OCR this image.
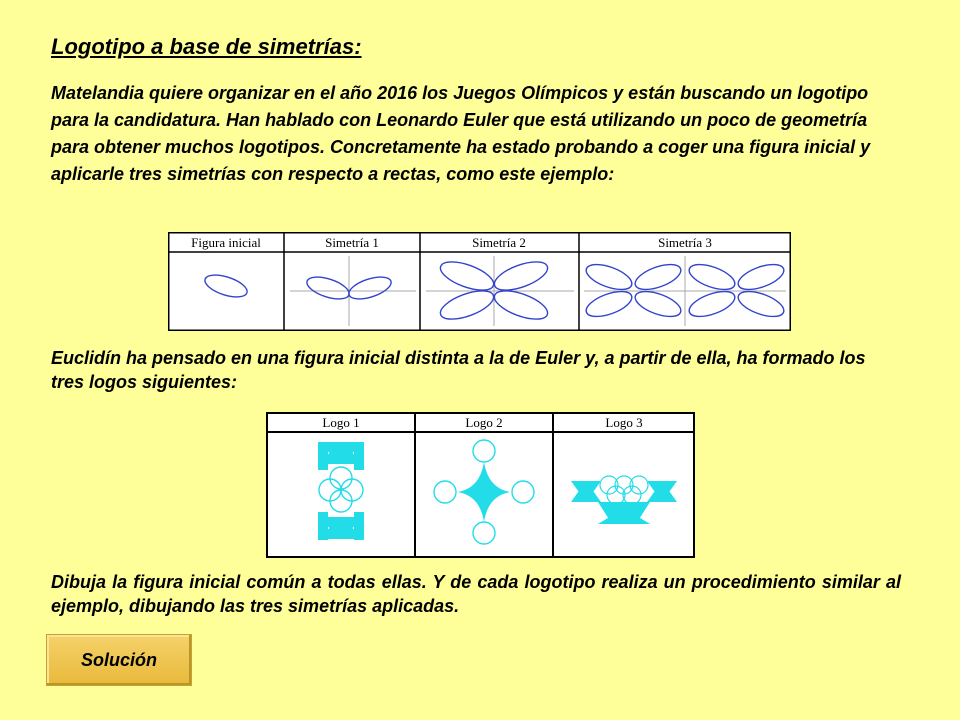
Logotipo a base de simetrías:

Matelandia quiere organizar en el año 2016 los Juegos Olímpicos y están buscando un logotipo para la candidatura. Han hablado con Leonardo Euler que está utilizando un poco de geometría para obtener muchos logotipos. Concretamente ha estado probando a coger una figura inicial y aplicarle tres simetrías con respecto a rectas, como este ejemplo:

Figura inicial	Simetría 1	Simetría 2	Simetría 3

Euclidín ha pensado en una figura inicial distinta a la de Euler y, a partir de ella, ha formado los tres logos siguientes:

Logo 1	Logo 2	Logo 3

Dibuja la figura inicial común a todas ellas. Y de cada logotipo realiza un procedimiento similar al ejemplo, dibujando las tres simetrías aplicadas.

Solución
